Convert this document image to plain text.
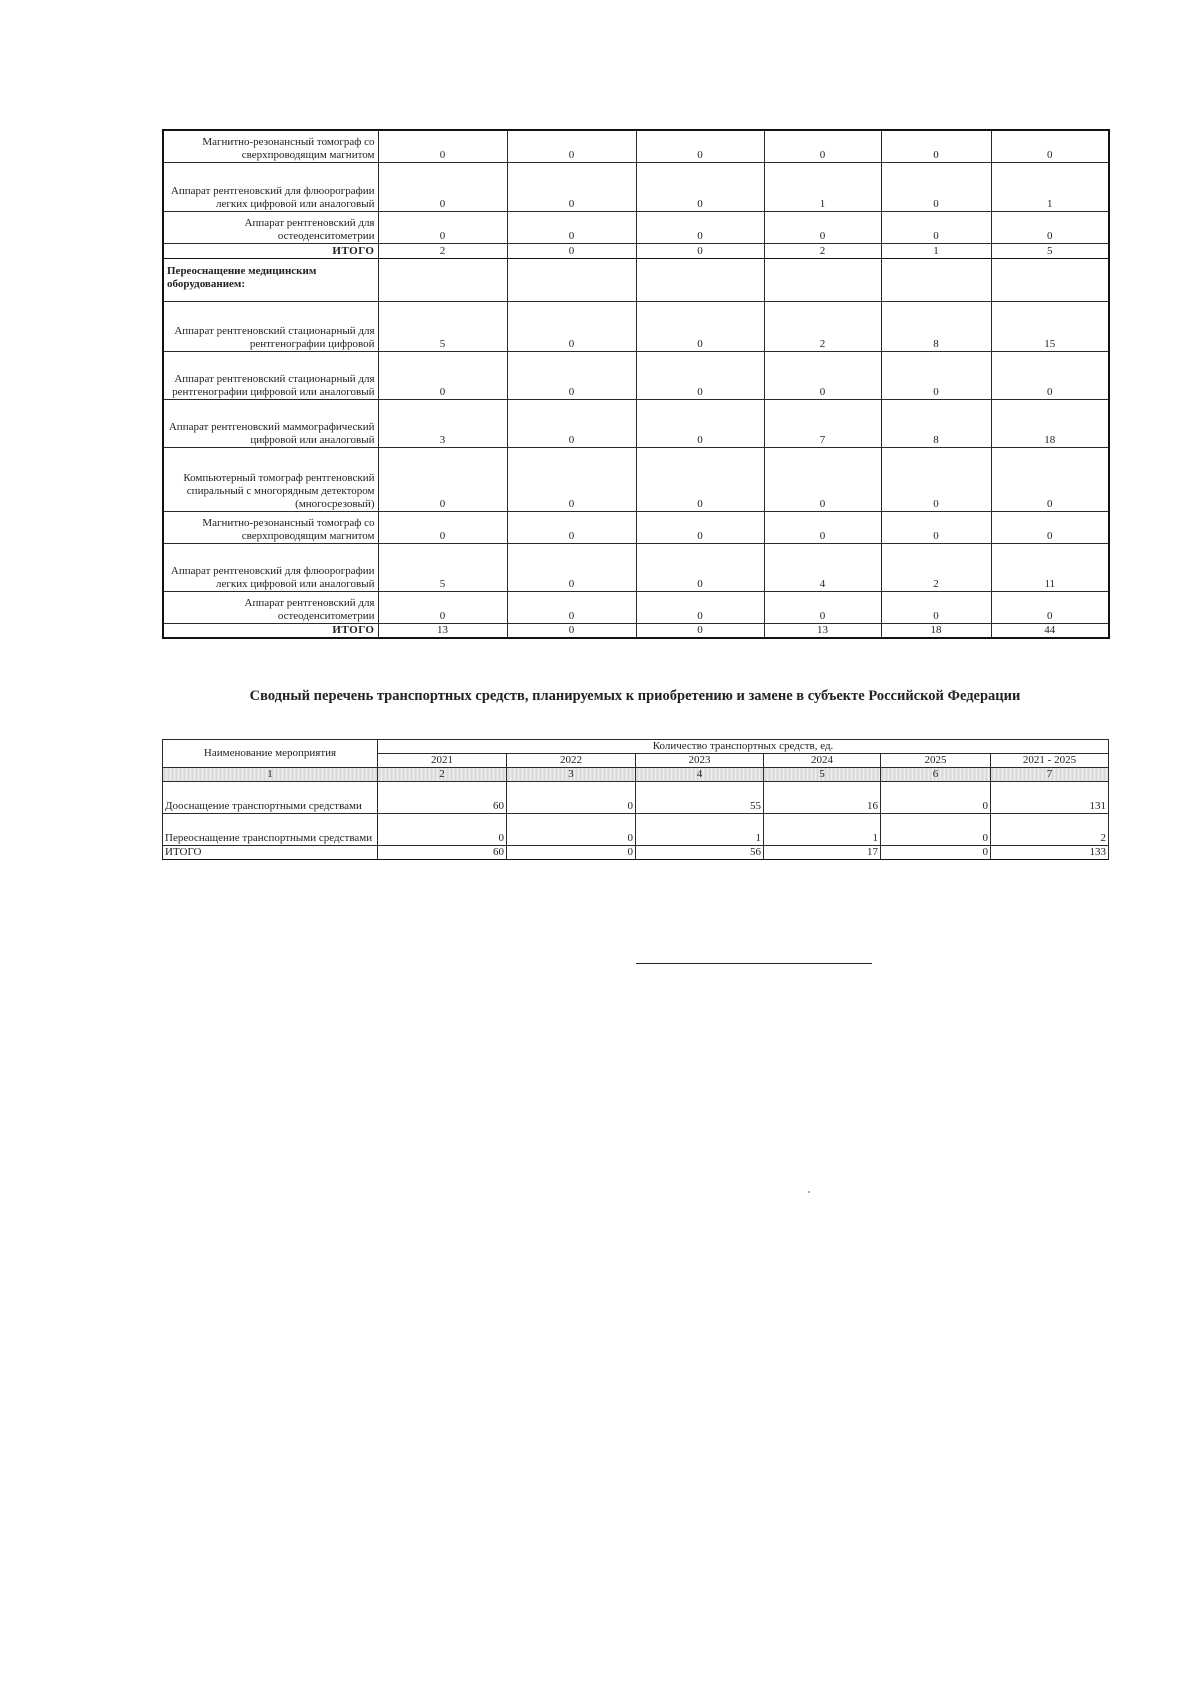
Магнитно-резонансный томограф со сверхпроводящим магнитом	0	0	0	0	0	0
Аппарат рентгеновский для флюорографии легких цифровой или аналоговый	0	0	0	1	0	1
Аппарат рентгеновский для остеоденситометрии	0	0	0	0	0	0
ИТОГО	2	0	0	2	1	5
Переоснащение медицинским оборудованием:						
Аппарат рентгеновский стационарный для рентгенографии цифровой	5	0	0	2	8	15
Аппарат рентгеновский стационарный для рентгенографии цифровой или аналоговый	0	0	0	0	0	0
Аппарат рентгеновский маммографический цифровой или аналоговый	3	0	0	7	8	18
Компьютерный томограф рентгеновский спиральный с многорядным детектором (многосрезовый)	0	0	0	0	0	0
Магнитно-резонансный томограф со сверхпроводящим магнитом	0	0	0	0	0	0
Аппарат рентгеновский для флюорографии легких цифровой или аналоговый	5	0	0	4	2	11
Аппарат рентгеновский для остеоденситометрии	0	0	0	0	0	0
ИТОГО	13	0	0	13	18	44
Сводный перечень транспортных средств, планируемых к приобретению и замене в субъекте Российской Федерации
Наименование мероприятия	Количество транспортных средств, ед.					
	2021	2022	2023	2024	2025	2021 - 2025
1	2	3	4	5	6	7
Дооснащение транспортными средствами	60	0	55	16	0	131
Переоснащение транспортными средствами	0	0	1	1	0	2
ИТОГО	60	0	56	17	0	133
